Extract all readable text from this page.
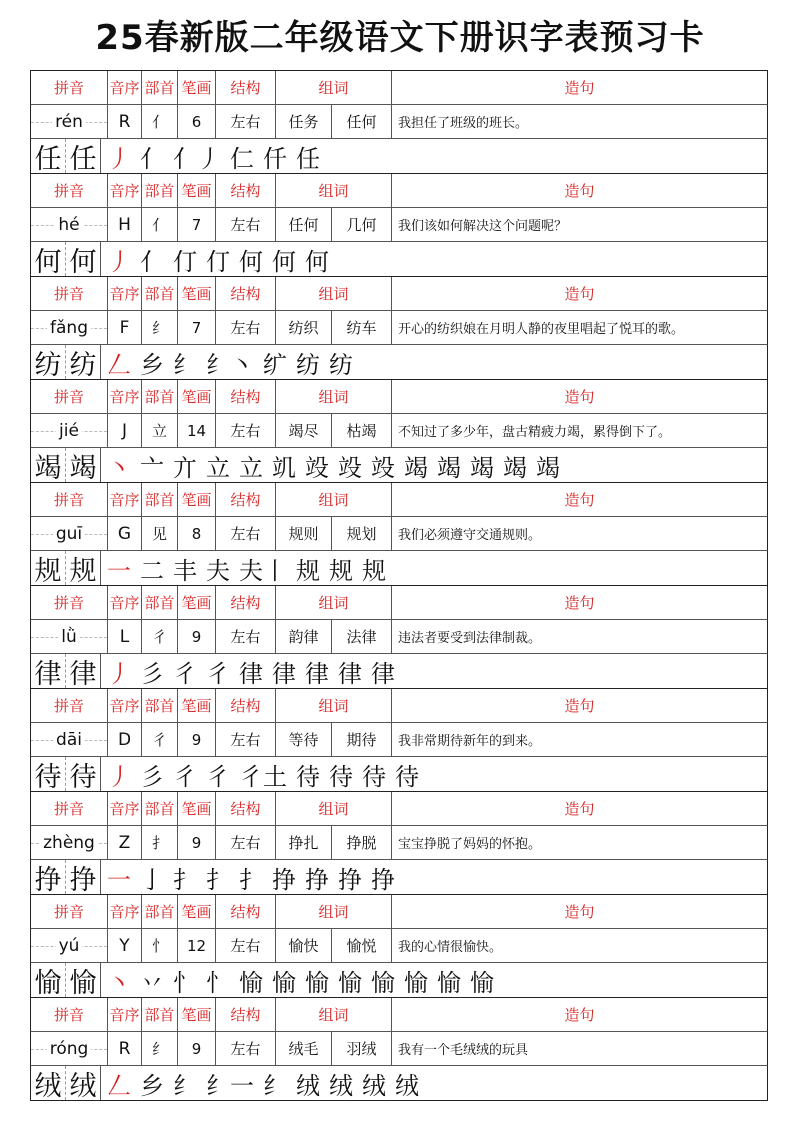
25春新版二年级语文下册识字表预习卡
拼音	音序 部首 笔画	结构	组词	造句
rén	R	亻	6	左右	任务	任何	我担任了班级的班长。
任 任 丿 亻 亻丿 仁 仟 任
拼音	音序 部首 笔画	结构	组词	造句
hé	H	亻	7	左右	任何	几何	我们该如何解决这个问题呢？
何 何 丿 亻 仃 仃 何 何 何
拼音	音序 部首 笔画	结构	组词	造句
fǎng	F	纟	7	左右	纺织	纺车	开心的纺织娘在月明人静的夜里唱起了悦耳的歌。
纺 纺 𠃋 乡 纟 纟丶 纩 纺 纺
拼音	音序 部首 笔画	结构	组词	造句
jié	J	立	14	左右	竭尽	枯竭	不知过了多少年，盘古精疲力竭，累得倒下了。
竭 竭 丶 亠 亣 立 立 竌 竐 竐 竐 竭 竭 竭 竭 竭
拼音	音序 部首 笔画	结构	组词	造句
guī	G	见	8	左右	规则	规划	我们必须遵守交通规则。
规 规 一 二 丰 夫 夫丨 规 规 规
拼音	音序 部首 笔画	结构	组词	造句
lǜ	L	彳	9	左右	韵律	法律	违法者要受到法律制裁。
律 律 丿 彡 彳 彳 律 律 律 律 律
拼音	音序 部首 笔画	结构	组词	造句
dāi	D	彳	9	左右	等待	期待	我非常期待新年的到来。
待 待 丿 彡 彳 彳 彳土 待 待 待 待
拼音	音序 部首 笔画	结构	组词	造句
zhèng	Z	扌	9	左右	挣扎	挣脱	宝宝挣脱了妈妈的怀抱。
挣 挣 一 亅 扌 扌 扌 挣 挣 挣 挣
拼音	音序 部首 笔画	结构	组词	造句
yú	Y	忄	12	左右	愉快	愉悦	我的心情很愉快。
愉 愉 丶 丷 忄 忄 愉 愉 愉 愉 愉 愉 愉 愉
拼音	音序 部首 笔画	结构	组词	造句
róng	R	纟	9	左右	绒毛	羽绒	我有一个毛绒绒的玩具
绒 绒 𠃋 乡 纟 纟一 纟 绒 绒 绒 绒
